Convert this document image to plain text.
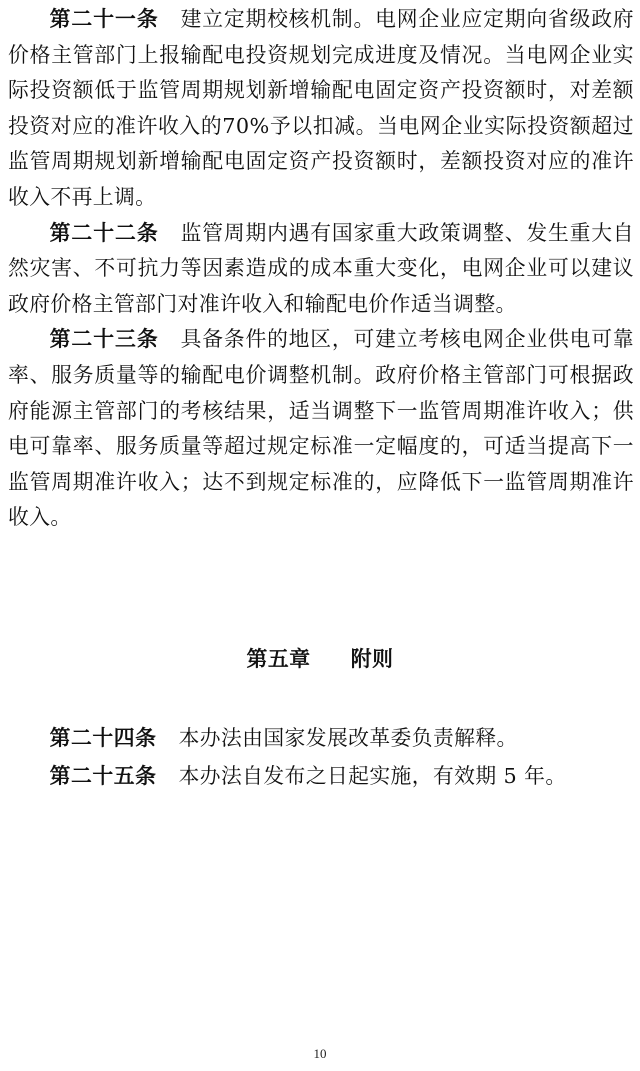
第二十一条 建立定期校核机制。电网企业应定期向省级政府价格主管部门上报输配电投资规划完成进度及情况。当电网企业实际投资额低于监管周期规划新增输配电固定资产投资额时，对差额投资对应的准许收入的70%予以扣减。当电网企业实际投资额超过监管周期规划新增输配电固定资产投资额时，差额投资对应的准许收入不再上调。

第二十二条 监管周期内遇有国家重大政策调整、发生重大自然灾害、不可抗力等因素造成的成本重大变化，电网企业可以建议政府价格主管部门对准许收入和输配电价作适当调整。

第二十三条 具备条件的地区，可建立考核电网企业供电可靠率、服务质量等的输配电价调整机制。政府价格主管部门可根据政府能源主管部门的考核结果，适当调整下一监管周期准许收入；供电可靠率、服务质量等超过规定标准一定幅度的，可适当提高下一监管周期准许收入；达不到规定标准的，应降低下一监管周期准许收入。

第五章 附则

第二十四条 本办法由国家发展改革委负责解释。

第二十五条 本办法自发布之日起实施，有效期 5 年。

10
